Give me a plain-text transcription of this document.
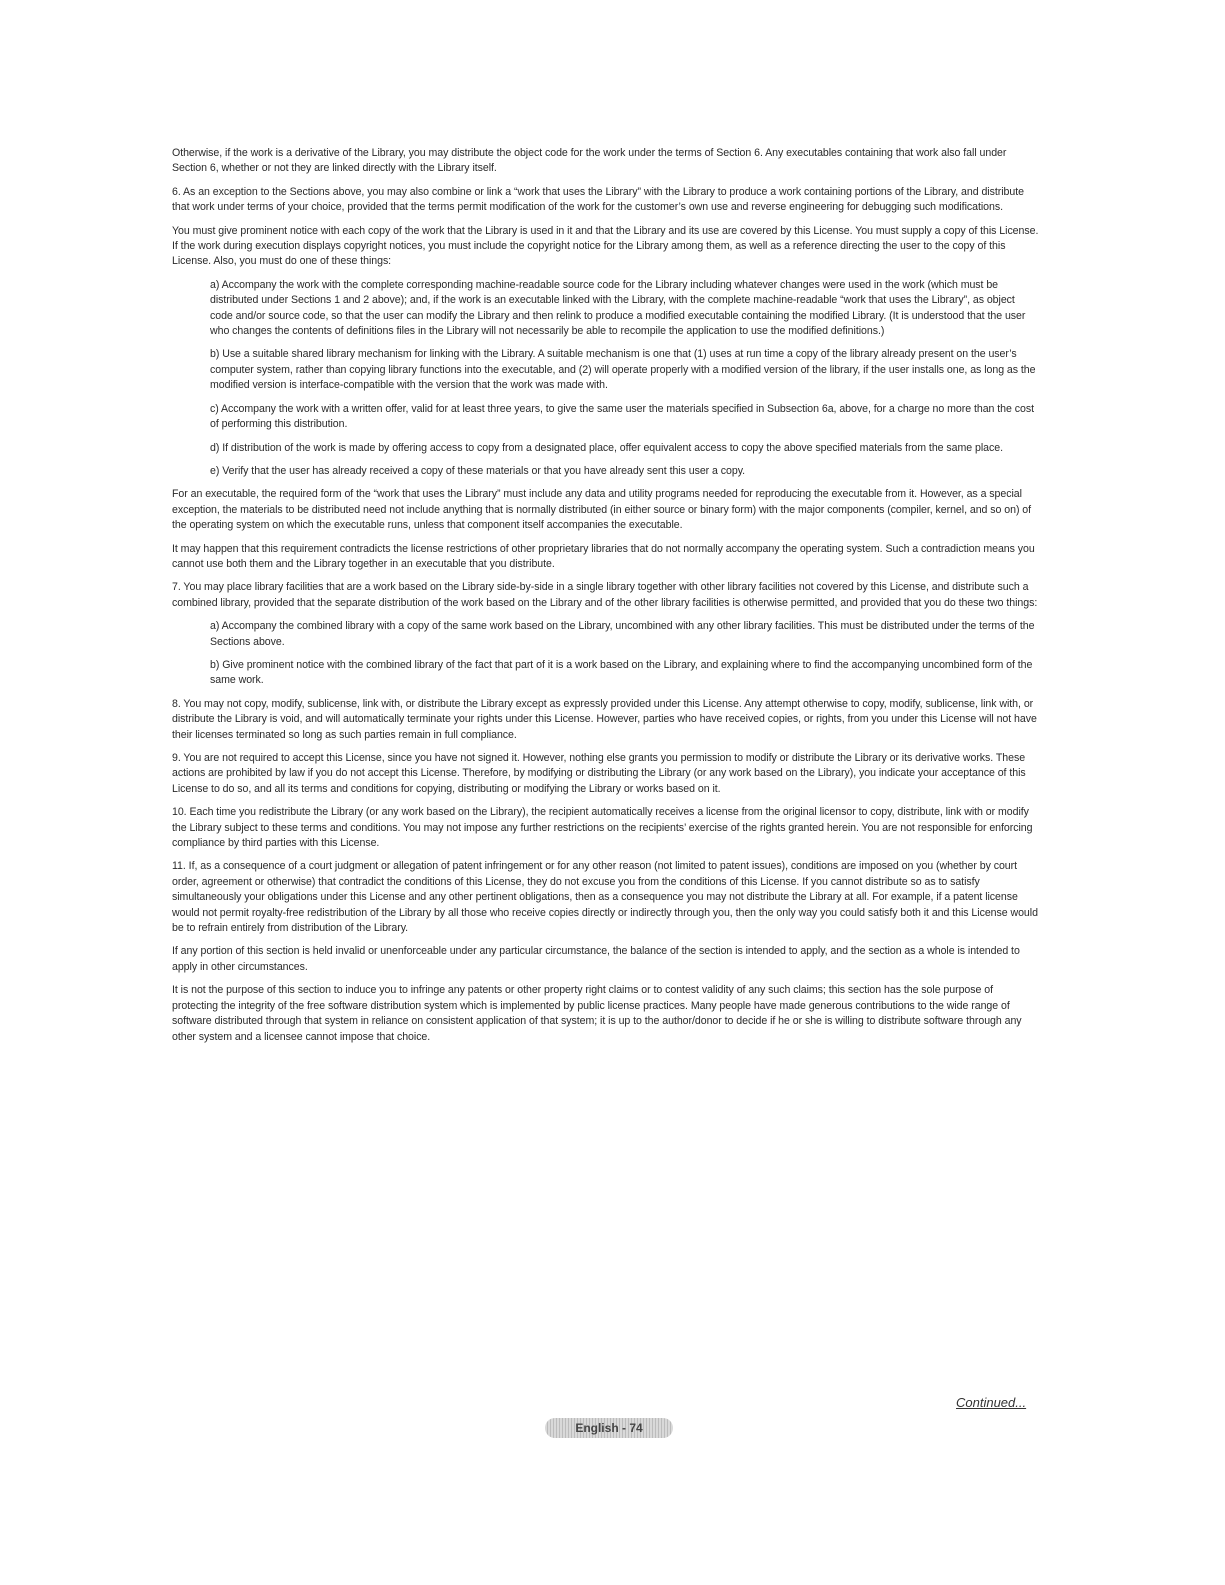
Otherwise, if the work is a derivative of the Library, you may distribute the object code for the work under the terms of Section 6. Any executables containing that work also fall under Section 6, whether or not they are linked directly with the Library itself.

6. As an exception to the Sections above, you may also combine or link a “work that uses the Library” with the Library to produce a work containing portions of the Library, and distribute that work under terms of your choice, provided that the terms permit modification of the work for the customer’s own use and reverse engineering for debugging such modifications.

You must give prominent notice with each copy of the work that the Library is used in it and that the Library and its use are covered by this License. You must supply a copy of this License. If the work during execution displays copyright notices, you must include the copyright notice for the Library among them, as well as a reference directing the user to the copy of this License. Also, you must do one of these things:

a) Accompany the work with the complete corresponding machine-readable source code for the Library including whatever changes were used in the work (which must be distributed under Sections 1 and 2 above); and, if the work is an executable linked with the Library, with the complete machine-readable “work that uses the Library”, as object code and/or source code, so that the user can modify the Library and then relink to produce a modified executable containing the modified Library. (It is understood that the user who changes the contents of definitions files in the Library will not necessarily be able to recompile the application to use the modified definitions.)

b) Use a suitable shared library mechanism for linking with the Library. A suitable mechanism is one that (1) uses at run time a copy of the library already present on the user’s computer system, rather than copying library functions into the executable, and (2) will operate properly with a modified version of the library, if the user installs one, as long as the modified version is interface-compatible with the version that the work was made with.

c) Accompany the work with a written offer, valid for at least three years, to give the same user the materials specified in Subsection 6a, above, for a charge no more than the cost of performing this distribution.

d) If distribution of the work is made by offering access to copy from a designated place, offer equivalent access to copy the above specified materials from the same place.

e) Verify that the user has already received a copy of these materials or that you have already sent this user a copy.

For an executable, the required form of the “work that uses the Library” must include any data and utility programs needed for reproducing the executable from it. However, as a special exception, the materials to be distributed need not include anything that is normally distributed (in either source or binary form) with the major components (compiler, kernel, and so on) of the operating system on which the executable runs, unless that component itself accompanies the executable.

It may happen that this requirement contradicts the license restrictions of other proprietary libraries that do not normally accompany the operating system. Such a contradiction means you cannot use both them and the Library together in an executable that you distribute.

7. You may place library facilities that are a work based on the Library side-by-side in a single library together with other library facilities not covered by this License, and distribute such a combined library, provided that the separate distribution of the work based on the Library and of the other library facilities is otherwise permitted, and provided that you do these two things:

a) Accompany the combined library with a copy of the same work based on the Library, uncombined with any other library facilities. This must be distributed under the terms of the Sections above.

b) Give prominent notice with the combined library of the fact that part of it is a work based on the Library, and explaining where to find the accompanying uncombined form of the same work.

8. You may not copy, modify, sublicense, link with, or distribute the Library except as expressly provided under this License. Any attempt otherwise to copy, modify, sublicense, link with, or distribute the Library is void, and will automatically terminate your rights under this License. However, parties who have received copies, or rights, from you under this License will not have their licenses terminated so long as such parties remain in full compliance.

9. You are not required to accept this License, since you have not signed it. However, nothing else grants you permission to modify or distribute the Library or its derivative works. These actions are prohibited by law if you do not accept this License. Therefore, by modifying or distributing the Library (or any work based on the Library), you indicate your acceptance of this License to do so, and all its terms and conditions for copying, distributing or modifying the Library or works based on it.

10. Each time you redistribute the Library (or any work based on the Library), the recipient automatically receives a license from the original licensor to copy, distribute, link with or modify the Library subject to these terms and conditions. You may not impose any further restrictions on the recipients’ exercise of the rights granted herein. You are not responsible for enforcing compliance by third parties with this License.

11. If, as a consequence of a court judgment or allegation of patent infringement or for any other reason (not limited to patent issues), conditions are imposed on you (whether by court order, agreement or otherwise) that contradict the conditions of this License, they do not excuse you from the conditions of this License. If you cannot distribute so as to satisfy simultaneously your obligations under this License and any other pertinent obligations, then as a consequence you may not distribute the Library at all. For example, if a patent license would not permit royalty-free redistribution of the Library by all those who receive copies directly or indirectly through you, then the only way you could satisfy both it and this License would be to refrain entirely from distribution of the Library.

If any portion of this section is held invalid or unenforceable under any particular circumstance, the balance of the section is intended to apply, and the section as a whole is intended to apply in other circumstances.

It is not the purpose of this section to induce you to infringe any patents or other property right claims or to contest validity of any such claims; this section has the sole purpose of protecting the integrity of the free software distribution system which is implemented by public license practices. Many people have made generous contributions to the wide range of software distributed through that system in reliance on consistent application of that system; it is up to the author/donor to decide if he or she is willing to distribute software through any other system and a licensee cannot impose that choice.

Continued...
English - 74
